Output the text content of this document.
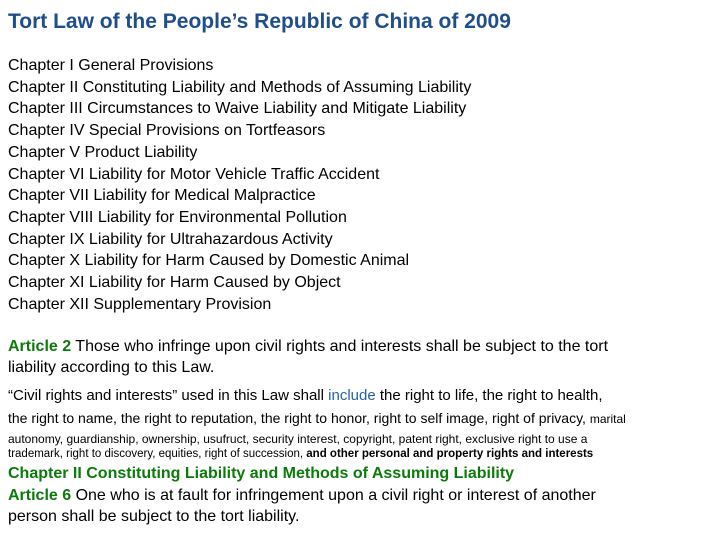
Tort Law of the People’s Republic of China of 2009
Chapter I General Provisions
Chapter II Constituting Liability and Methods of Assuming Liability
Chapter III Circumstances to Waive Liability and Mitigate Liability
Chapter IV Special Provisions on Tortfeasors
Chapter V Product Liability
Chapter VI Liability for Motor Vehicle Traffic Accident
Chapter VII Liability for Medical Malpractice
Chapter VIII Liability for Environmental Pollution
Chapter IX Liability for Ultrahazardous Activity
Chapter X Liability for Harm Caused by Domestic Animal
Chapter XI Liability for Harm Caused by Object
Chapter XII Supplementary Provision

Article 2 Those who infringe upon civil rights and interests shall be subject to the tort
liability according to this Law.

“Civil rights and interests” used in this Law shall include the right to life, the right to health,

the right to name, the right to reputation, the right to honor, right to self image, right of privacy, marital

autonomy, guardianship, ownership, usufruct, security interest, copyright, patent right, exclusive right to use a

trademark, right to discovery, equities, right of succession, and other personal and property rights and interests

Chapter II Constituting Liability and Methods of Assuming Liability

Article 6 One who is at fault for infringement upon a civil right or interest of another
person shall be subject to the tort liability.
